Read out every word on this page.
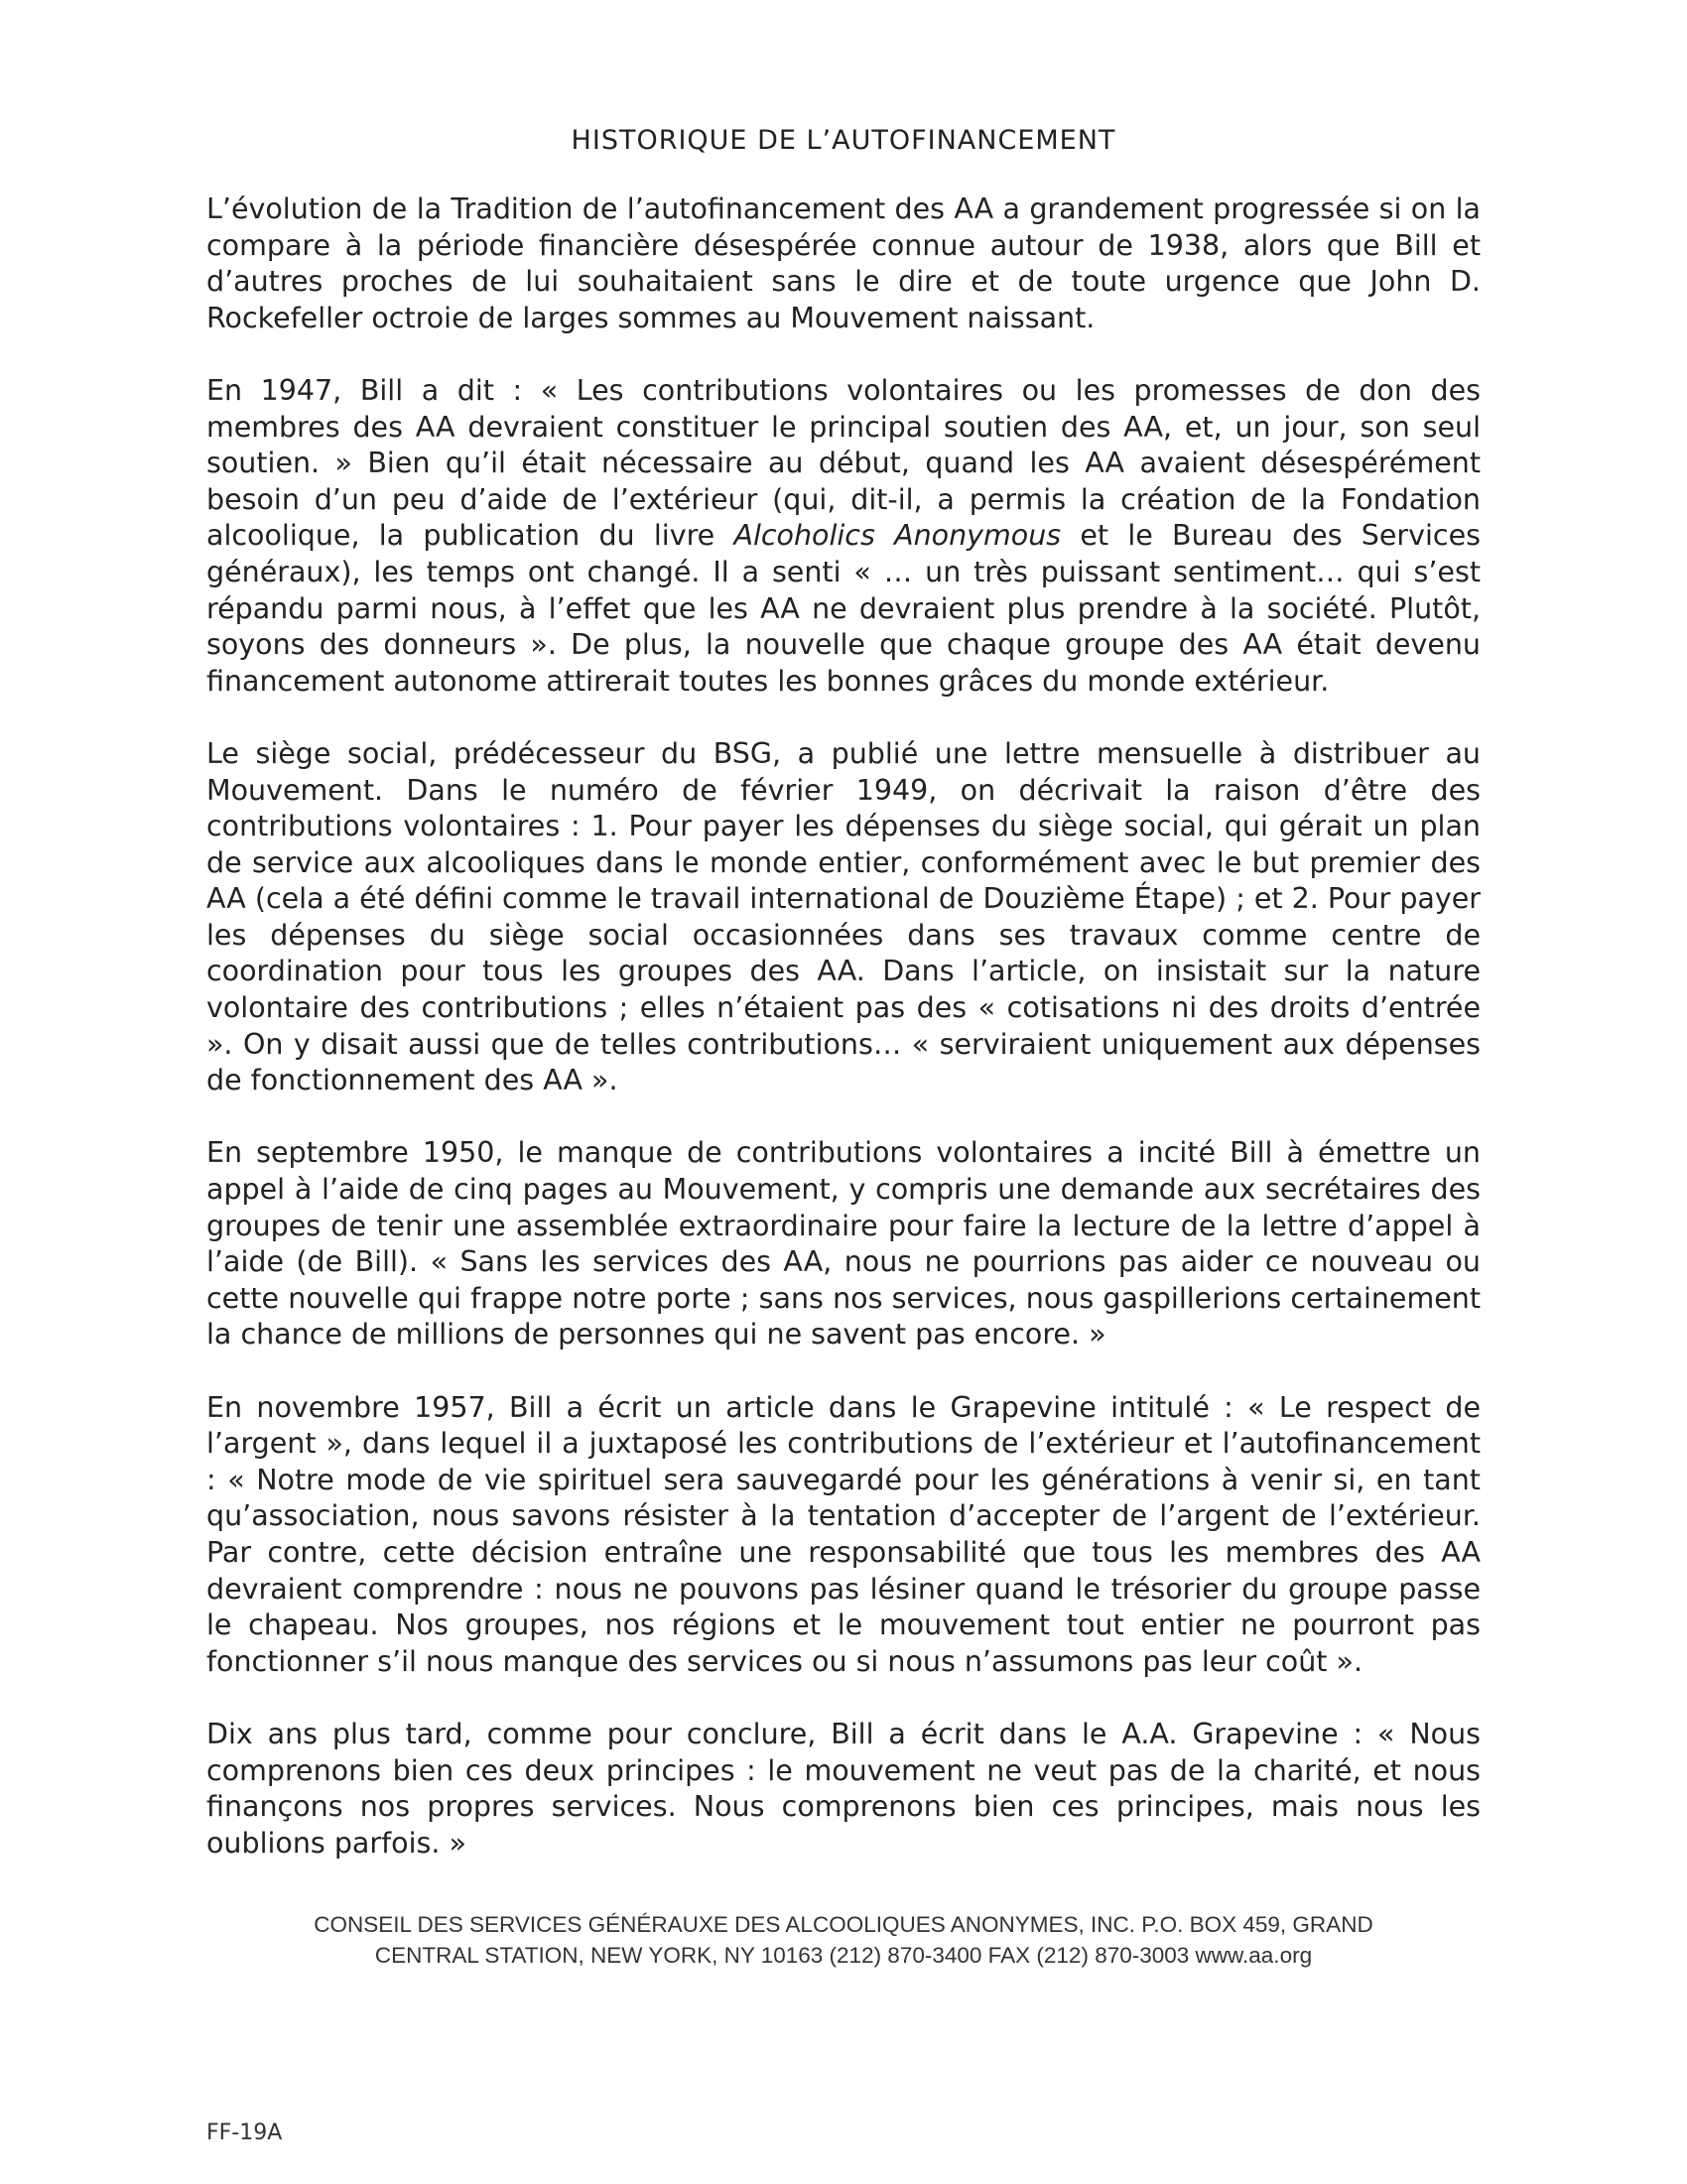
HISTORIQUE DE L’AUTOFINANCEMENT

L’évolution de la Tradition de l’autofinancement des AA a grandement progressée si on la compare à la période financière désespérée connue autour de 1938, alors que Bill et d’autres proches de lui souhaitaient sans le dire et de toute urgence que John D. Rockefeller octroie de larges sommes au Mouvement naissant.

En 1947, Bill a dit : « Les contributions volontaires ou les promesses de don des membres des AA devraient constituer le principal soutien des AA, et, un jour, son seul soutien. » Bien qu’il était nécessaire au début, quand les AA avaient désespérément besoin d’un peu d’aide de l’extérieur (qui, dit-il, a permis la création de la Fondation alcoolique, la publication du livre Alcoholics Anonymous et le Bureau des Services généraux), les temps ont changé. Il a senti « … un très puissant sentiment… qui s’est répandu parmi nous, à l’effet que les AA ne devraient plus prendre à la société. Plutôt, soyons des donneurs ». De plus, la nouvelle que chaque groupe des AA était devenu financement autonome attirerait toutes les bonnes grâces du monde extérieur.

Le siège social, prédécesseur du BSG, a publié une lettre mensuelle à distribuer au Mouvement. Dans le numéro de février 1949, on décrivait la raison d’être des contributions volontaires : 1. Pour payer les dépenses du siège social, qui gérait un plan de service aux alcooliques dans le monde entier, conformément avec le but premier des AA (cela a été défini comme le travail international de Douzième Étape) ; et 2. Pour payer les dépenses du siège social occasionnées dans ses travaux comme centre de coordination pour tous les groupes des AA. Dans l’article, on insistait sur la nature volontaire des contributions ; elles n’étaient pas des « cotisations ni des droits d’entrée ». On y disait aussi que de telles contributions… « serviraient uniquement aux dépenses de fonctionnement des AA ».

En septembre 1950, le manque de contributions volontaires a incité Bill à émettre un appel à l’aide de cinq pages au Mouvement, y compris une demande aux secrétaires des groupes de tenir une assemblée extraordinaire pour faire la lecture de la lettre d’appel à l’aide (de Bill). « Sans les services des AA, nous ne pourrions pas aider ce nouveau ou cette nouvelle qui frappe notre porte ; sans nos services, nous gaspillerions certainement la chance de millions de personnes qui ne savent pas encore. »

En novembre 1957, Bill a écrit un article dans le Grapevine intitulé : « Le respect de l’argent », dans lequel il a juxtaposé les contributions de l’extérieur et l’autofinancement : « Notre mode de vie spirituel sera sauvegardé pour les générations à venir si, en tant qu’association, nous savons résister à la tentation d’accepter de l’argent de l’extérieur. Par contre, cette décision entraîne une responsabilité que tous les membres des AA devraient comprendre : nous ne pouvons pas lésiner quand le trésorier du groupe passe le chapeau. Nos groupes, nos régions et le mouvement tout entier ne pourront pas fonctionner s’il nous manque des services ou si nous n’assumons pas leur coût ».

Dix ans plus tard, comme pour conclure, Bill a écrit dans le A.A. Grapevine : « Nous comprenons bien ces deux principes : le mouvement ne veut pas de la charité, et nous finançons nos propres services. Nous comprenons bien ces principes, mais nous les oublions parfois. »

CONSEIL DES SERVICES GÉNÉRAUXE DES ALCOOLIQUES ANONYMES, INC. P.O. BOX 459, GRAND
CENTRAL STATION, NEW YORK, NY 10163 (212) 870-3400 FAX (212) 870-3003 www.aa.org
FF-19A
